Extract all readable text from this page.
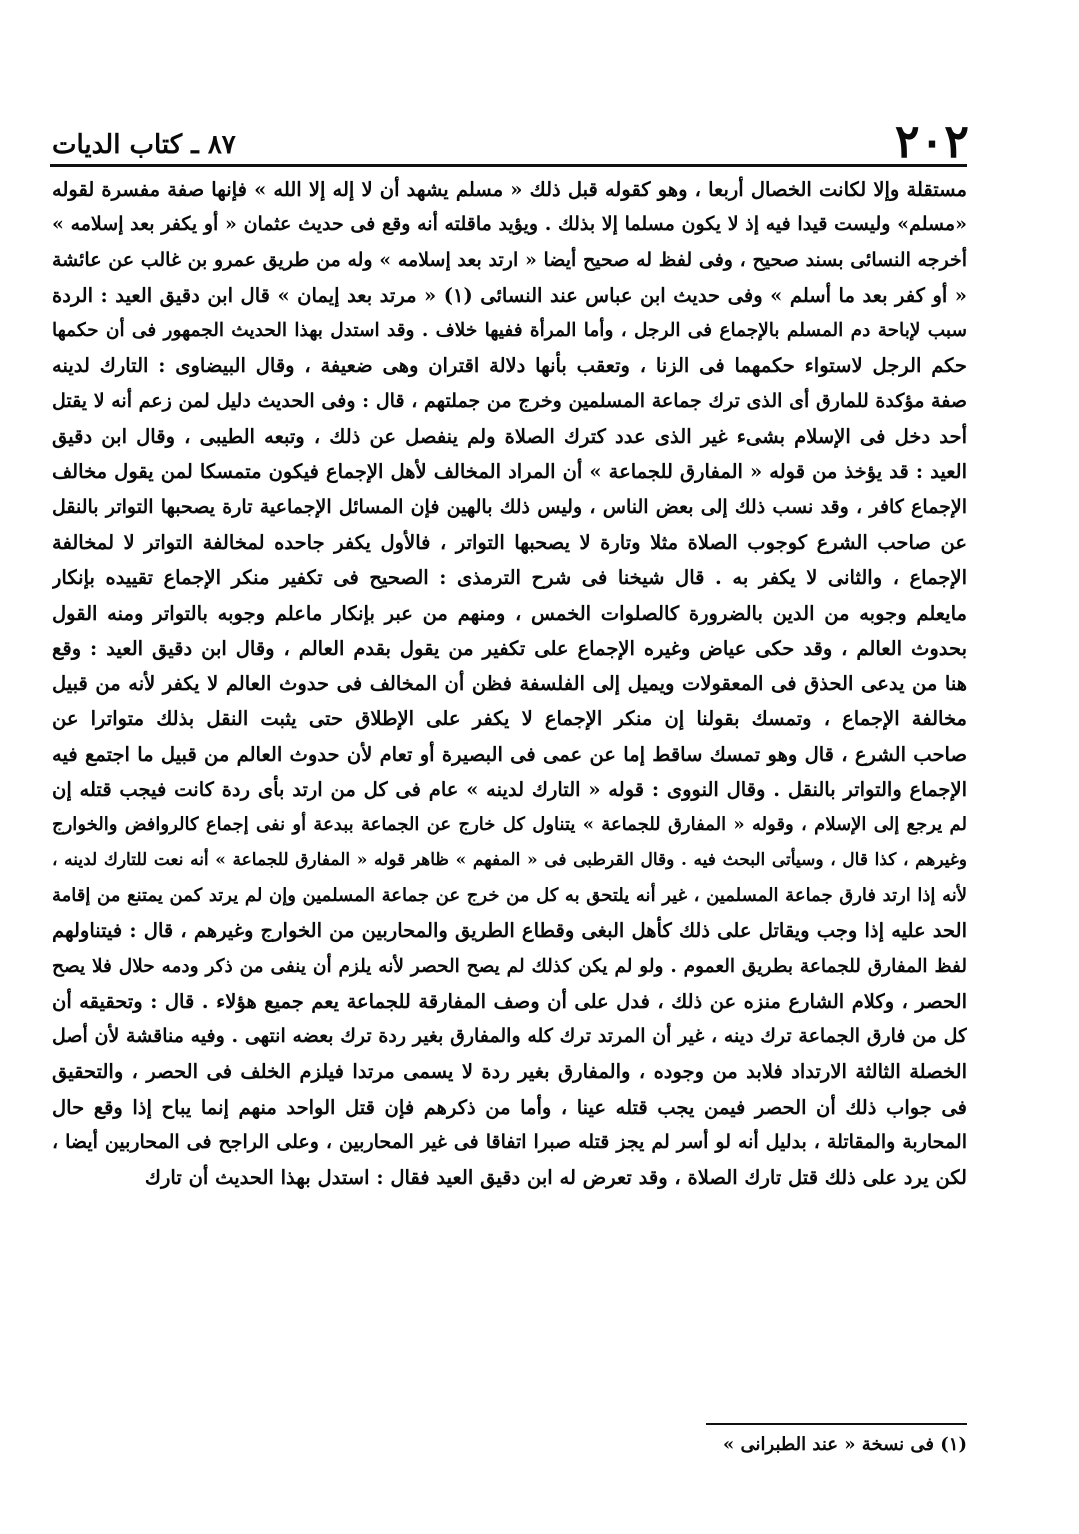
٢٠٢
٨٧ ـ كتاب الديات
مستقلة وإلا لكانت الخصال أربعا ، وهو كقوله قبل ذلك « مسلم يشهد أن لا إله إلا الله » فإنها صفة مفسرة لقوله
«مسلم» وليست قيدا فيه إذ لا يكون مسلما إلا بذلك . ويؤيد ماقلته أنه وقع فى حديث عثمان « أو يكفر بعد إسلامه »
أخرجه النسائى بسند صحيح ، وفى لفظ له صحيح أيضا « ارتد بعد إسلامه » وله من طريق عمرو بن غالب عن عائشة
« أو كفر بعد ما أسلم » وفى حديث ابن عباس عند النسائى (١) « مرتد بعد إيمان » قال ابن دقيق العيد : الردة
سبب لإباحة دم المسلم بالإجماع فى الرجل ، وأما المرأة ففيها خلاف . وقد استدل بهذا الحديث الجمهور فى أن حكمها
حكم الرجل لاستواء حكمهما فى الزنا ، وتعقب بأنها دلالة اقتران وهى ضعيفة ، وقال البيضاوى : التارك لدينه
صفة مؤكدة للمارق أى الذى ترك جماعة المسلمين وخرج من جملتهم ، قال : وفى الحديث دليل لمن زعم أنه لا يقتل
أحد دخل فى الإسلام بشىء غير الذى عدد كترك الصلاة ولم ينفصل عن ذلك ، وتبعه الطيبى ، وقال ابن دقيق
العيد : قد يؤخذ من قوله « المفارق للجماعة » أن المراد المخالف لأهل الإجماع فيكون متمسكا لمن يقول مخالف
الإجماع كافر ، وقد نسب ذلك إلى بعض الناس ، وليس ذلك بالهين فإن المسائل الإجماعية تارة يصحبها التواتر بالنقل
عن صاحب الشرع كوجوب الصلاة مثلا وتارة لا يصحبها التواتر ، فالأول يكفر جاحده لمخالفة التواتر لا لمخالفة
الإجماع ، والثانى لا يكفر به . قال شيخنا فى شرح الترمذى : الصحيح فى تكفير منكر الإجماع تقييده بإنكار
مايعلم وجوبه من الدين بالضرورة كالصلوات الخمس ، ومنهم من عبر بإنكار ماعلم وجوبه بالتواتر ومنه القول
بحدوث العالم ، وقد حكى عياض وغيره الإجماع على تكفير من يقول بقدم العالم ، وقال ابن دقيق العيد : وقع
هنا من يدعى الحذق فى المعقولات ويميل إلى الفلسفة فظن أن المخالف فى حدوث العالم لا يكفر لأنه من قبيل
مخالفة الإجماع ، وتمسك بقولنا إن منكر الإجماع لا يكفر على الإطلاق حتى يثبت النقل بذلك متواترا عن
صاحب الشرع ، قال وهو تمسك ساقط إما عن عمى فى البصيرة أو تعام لأن حدوث العالم من قبيل ما اجتمع فيه
الإجماع والتواتر بالنقل . وقال النووى : قوله « التارك لدينه » عام فى كل من ارتد بأى ردة كانت فيجب قتله إن
لم يرجع إلى الإسلام ، وقوله « المفارق للجماعة » يتناول كل خارج عن الجماعة ببدعة أو نفى إجماع كالروافض والخوارج
وغيرهم ، كذا قال ، وسيأتى البحث فيه . وقال القرطبى فى « المفهم » ظاهر قوله « المفارق للجماعة » أنه نعت للتارك لدينه ،
لأنه إذا ارتد فارق جماعة المسلمين ، غير أنه يلتحق به كل من خرج عن جماعة المسلمين وإن لم يرتد كمن يمتنع من إقامة
الحد عليه إذا وجب ويقاتل على ذلك كأهل البغى وقطاع الطريق والمحاربين من الخوارج وغيرهم ، قال : فيتناولهم
لفظ المفارق للجماعة بطريق العموم . ولو لم يكن كذلك لم يصح الحصر لأنه يلزم أن ينفى من ذكر ودمه حلال فلا يصح
الحصر ، وكلام الشارع منزه عن ذلك ، فدل على أن وصف المفارقة للجماعة يعم جميع هؤلاء . قال : وتحقيقه أن
كل من فارق الجماعة ترك دينه ، غير أن المرتد ترك كله والمفارق بغير ردة ترك بعضه انتهى . وفيه مناقشة لأن أصل
الخصلة الثالثة الارتداد فلابد من وجوده ، والمفارق بغير ردة لا يسمى مرتدا فيلزم الخلف فى الحصر ، والتحقيق
فى جواب ذلك أن الحصر فيمن يجب قتله عينا ، وأما من ذكرهم فإن قتل الواحد منهم إنما يباح إذا وقع حال
المحاربة والمقاتلة ، بدليل أنه لو أسر لم يجز قتله صبرا اتفاقا فى غير المحاربين ، وعلى الراجح فى المحاربين أيضا ،
لكن يرد على ذلك قتل تارك الصلاة ، وقد تعرض له ابن دقيق العيد فقال : استدل بهذا الحديث أن تارك
(١) فى نسخة « عند الطبرانى »
